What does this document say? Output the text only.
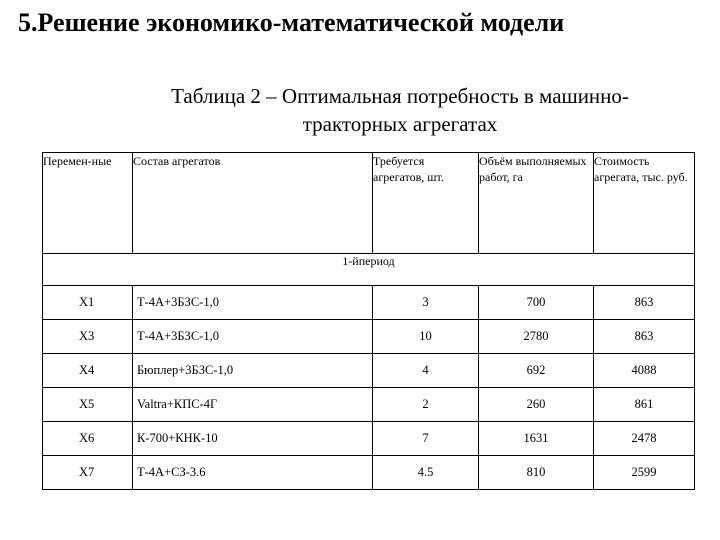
5.Решение экономико-математической модели

Таблица 2 – Оптимальная потребность в машинно-тракторных агрегатах

Перемен-ные	Состав агрегатов	Требуется агрегатов, шт.	Объём выполняемых работ, га	Стоимость агрегата, тыс. руб.
1-йпериод				
X1	Т-4А+3БЗС-1,0	3	700	863
X3	Т-4А+3БЗС-1,0	10	2780	863
X4	Бюплер+3БЗС-1,0	4	692	4088
X5	Valtra+КПС-4Г	2	260	861
X6	К-700+КНК-10	7	1631	2478
X7	Т-4А+СЗ-3.6	4.5	810	2599
